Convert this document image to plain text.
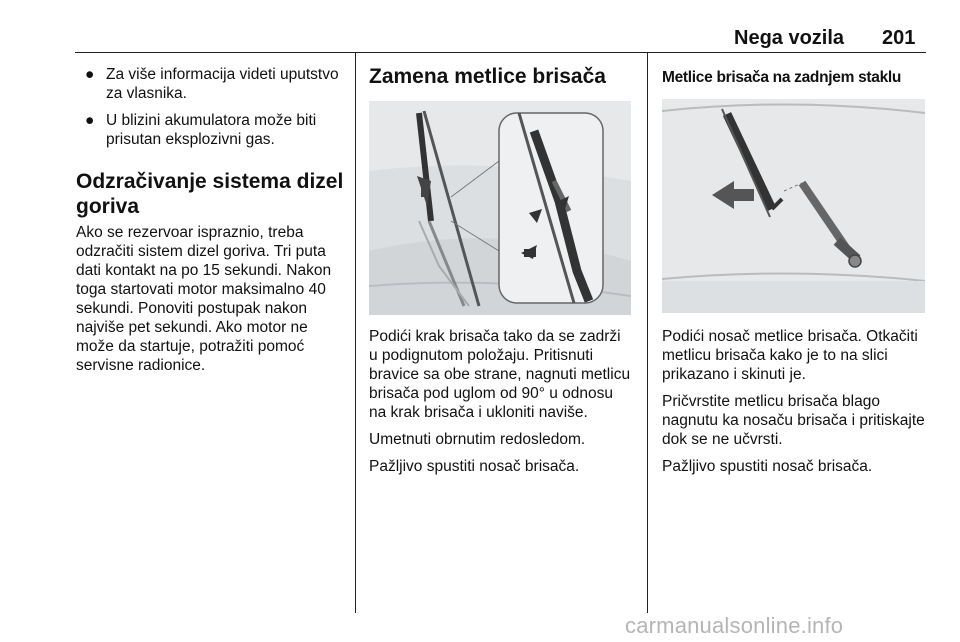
Nega vozila 201
● Za više informacija videti uputstvo za vlasnika.
● U blizini akumulatora može biti prisutan eksplozivni gas.
Odzračivanje sistema dizel goriva

Ako se rezervoar ispraznio, treba odzračiti sistem dizel goriva. Tri puta dati kontakt na po 15 sekundi. Nakon toga startovati motor maksimalno 40 sekundi. Ponoviti postupak nakon najviše pet sekundi. Ako motor ne može da startuje, potražiti pomoć servisne radionice.

Zamena metlice brisača

Podići krak brisača tako da se zadrži u podignutom položaju. Pritisnuti bravice sa obe strane, nagnuti metlicu brisača pod uglom od 90° u odnosu na krak brisača i ukloniti naviše.

Umetnuti obrnutim redosledom.

Pažljivo spustiti nosač brisača.

Metlice brisača na zadnjem staklu

Podići nosač metlice brisača. Otkačiti metlicu brisača kako je to na slici prikazano i skinuti je.

Pričvrstite metlicu brisača blago nagnutu ka nosaču brisača i pritiskajte dok se ne učvrsti.

Pažljivo spustiti nosač brisača.

carmanualsonline.info
